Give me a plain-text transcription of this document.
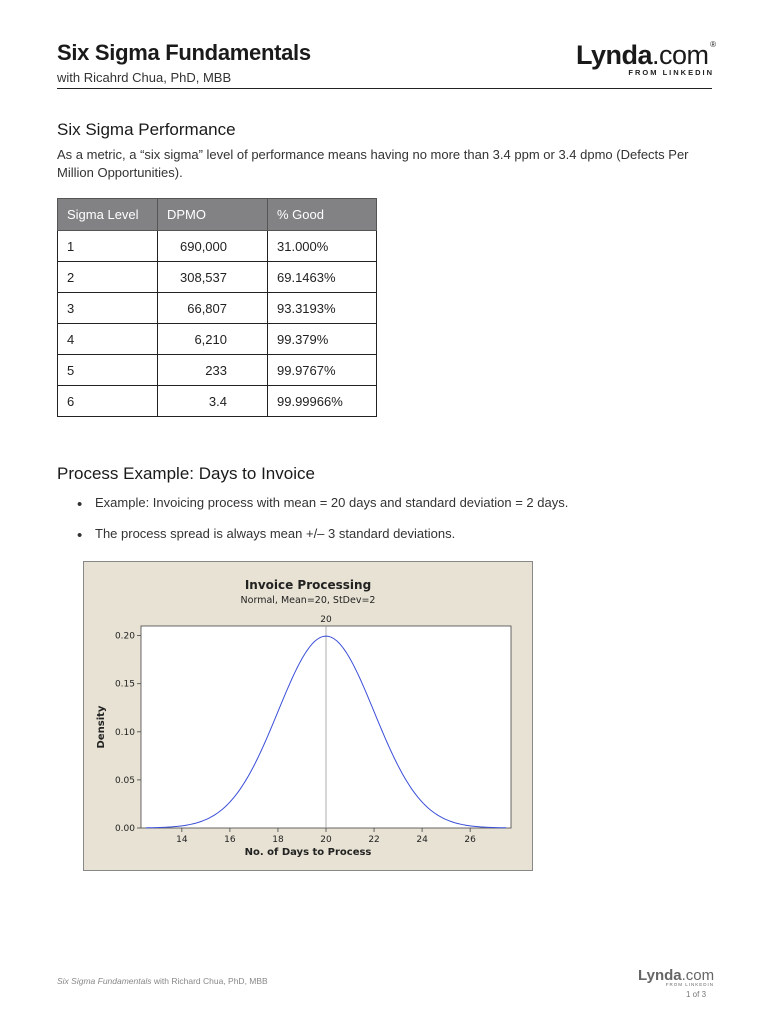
Six Sigma Fundamentals
with Ricahrd Chua, PhD, MBB
Lynda.com ®
FROM LINKEDIN
Six Sigma Performance
As a metric, a “six sigma” level of performance means having no more than 3.4 ppm or 3.4 dpmo (Defects Per Million Opportunities).
Sigma Level	DPMO	% Good
1	690,000	31.000%
2	308,537	69.1463%
3	66,807	93.3193%
4	6,210	99.379%
5	233	99.9767%
6	3.4	99.99966%
Process Example: Days to Invoice
• Example: Invoicing process with mean = 20 days and standard deviation = 2 days.
• The process spread is always mean +/– 3 standard deviations.
Invoice Processing
Normal, Mean=20, StDev=2
0.00
0.05
0.10
0.15
0.20
14	16	18	20	22	24	26
No. of Days to Process
Density
20
Six Sigma Fundamentals with Richard Chua, PhD, MBB	Lynda.com
FROM LINKEDIN
1 of 3
